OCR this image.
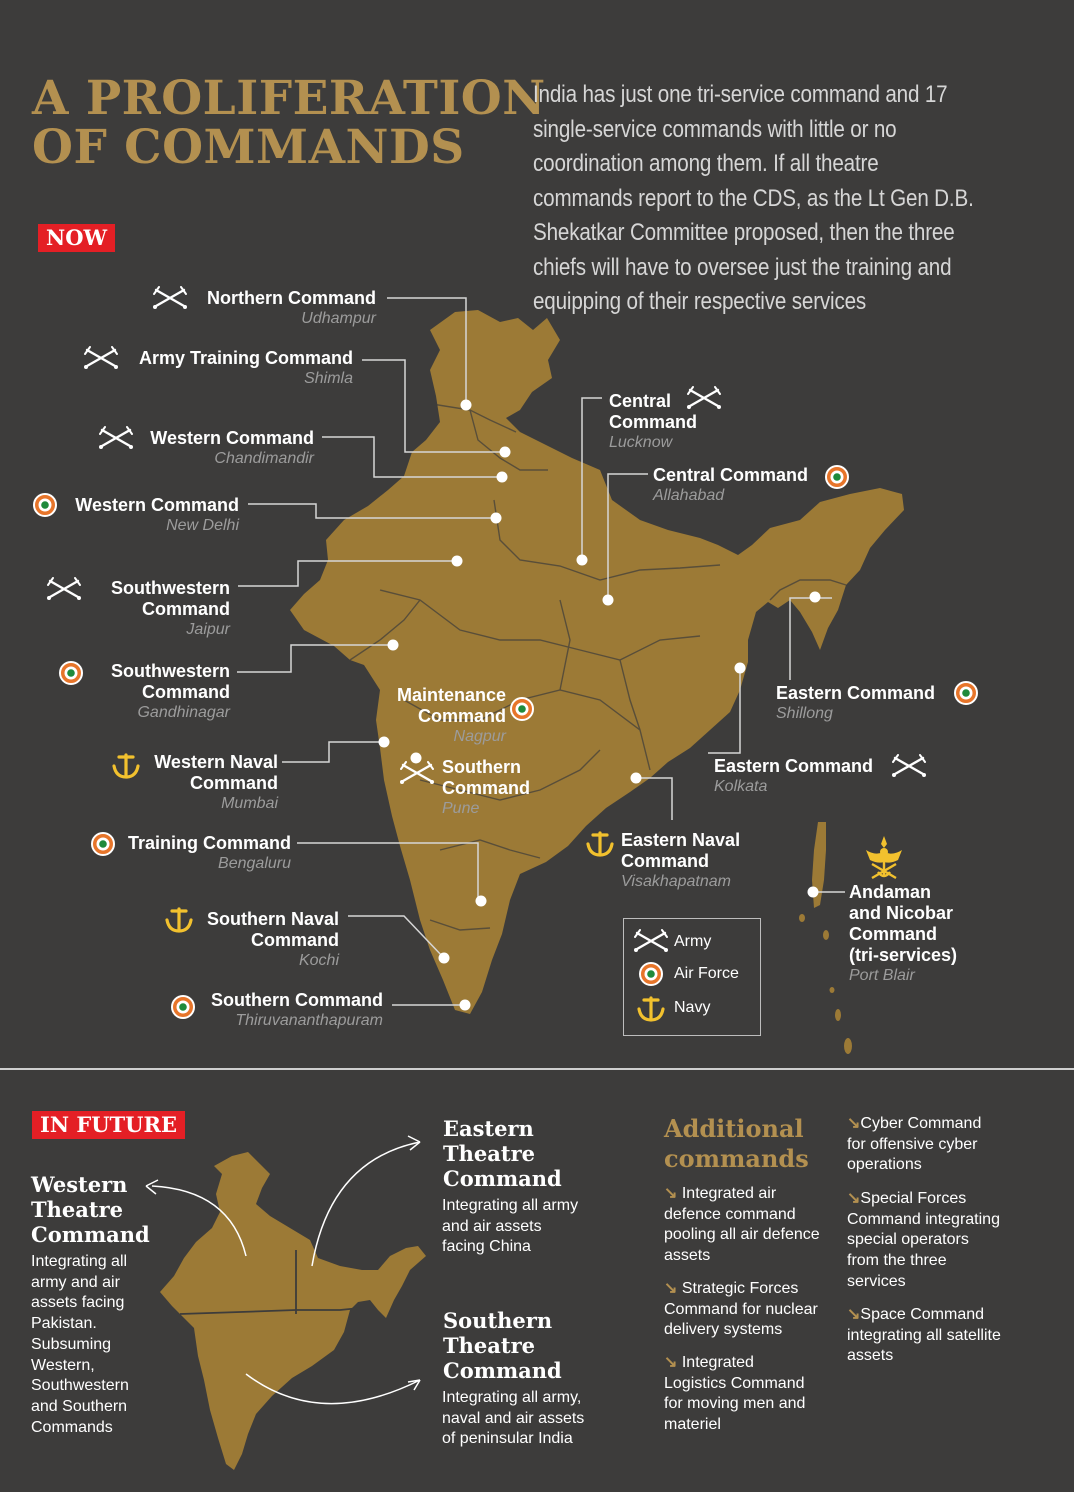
A PROLIFERATION
OF COMMANDS

India has just one tri-service command and 17 single-service commands with little or no coordination among them. If all theatre commands report to the CDS, as the Lt Gen D.B. Shekatkar Committee proposed, then the three chiefs will have to oversee just the training and equipping of their respective services

NOW
Northern Command
Udhampur
Army Training Command
Shimla
Western Command
Chandimandir
Western Command
New Delhi
Southwestern
Command
Jaipur
Southwestern
Command
Gandhinagar
Western Naval
Command
Mumbai
Training Command
Bengaluru
Southern Naval
Command
Kochi
Southern Command
Thiruvananthapuram
Central
Command
Lucknow
Central Command
Allahabad
Maintenance
Command
Nagpur
Southern
Command
Pune
Eastern Command
Shillong
Eastern Command
Kolkata
Eastern Naval
Command
Visakhapatnam
Andaman
and Nicobar
Command
(tri-services)
Port Blair
Army
Air Force
Navy
IN FUTURE
Western
Theatre
Command
Integrating all
army and air
assets facing
Pakistan.
Subsuming
Western,
Southwestern
and Southern
Commands
Eastern
Theatre
Command
Integrating all army
and air assets
facing China
Southern
Theatre
Command
Integrating all army,
naval and air assets
of peninsular India
Additional
commands
↘ Integrated air
defence command
pooling all air defence
assets
↘ Strategic Forces
Command for nuclear
delivery systems
↘ Integrated
Logistics Command
for moving men and
materiel
↘Cyber Command
for offensive cyber
operations
↘Special Forces
Command integrating
special operators
from the three
services
↘Space Command
integrating all satellite
assets
